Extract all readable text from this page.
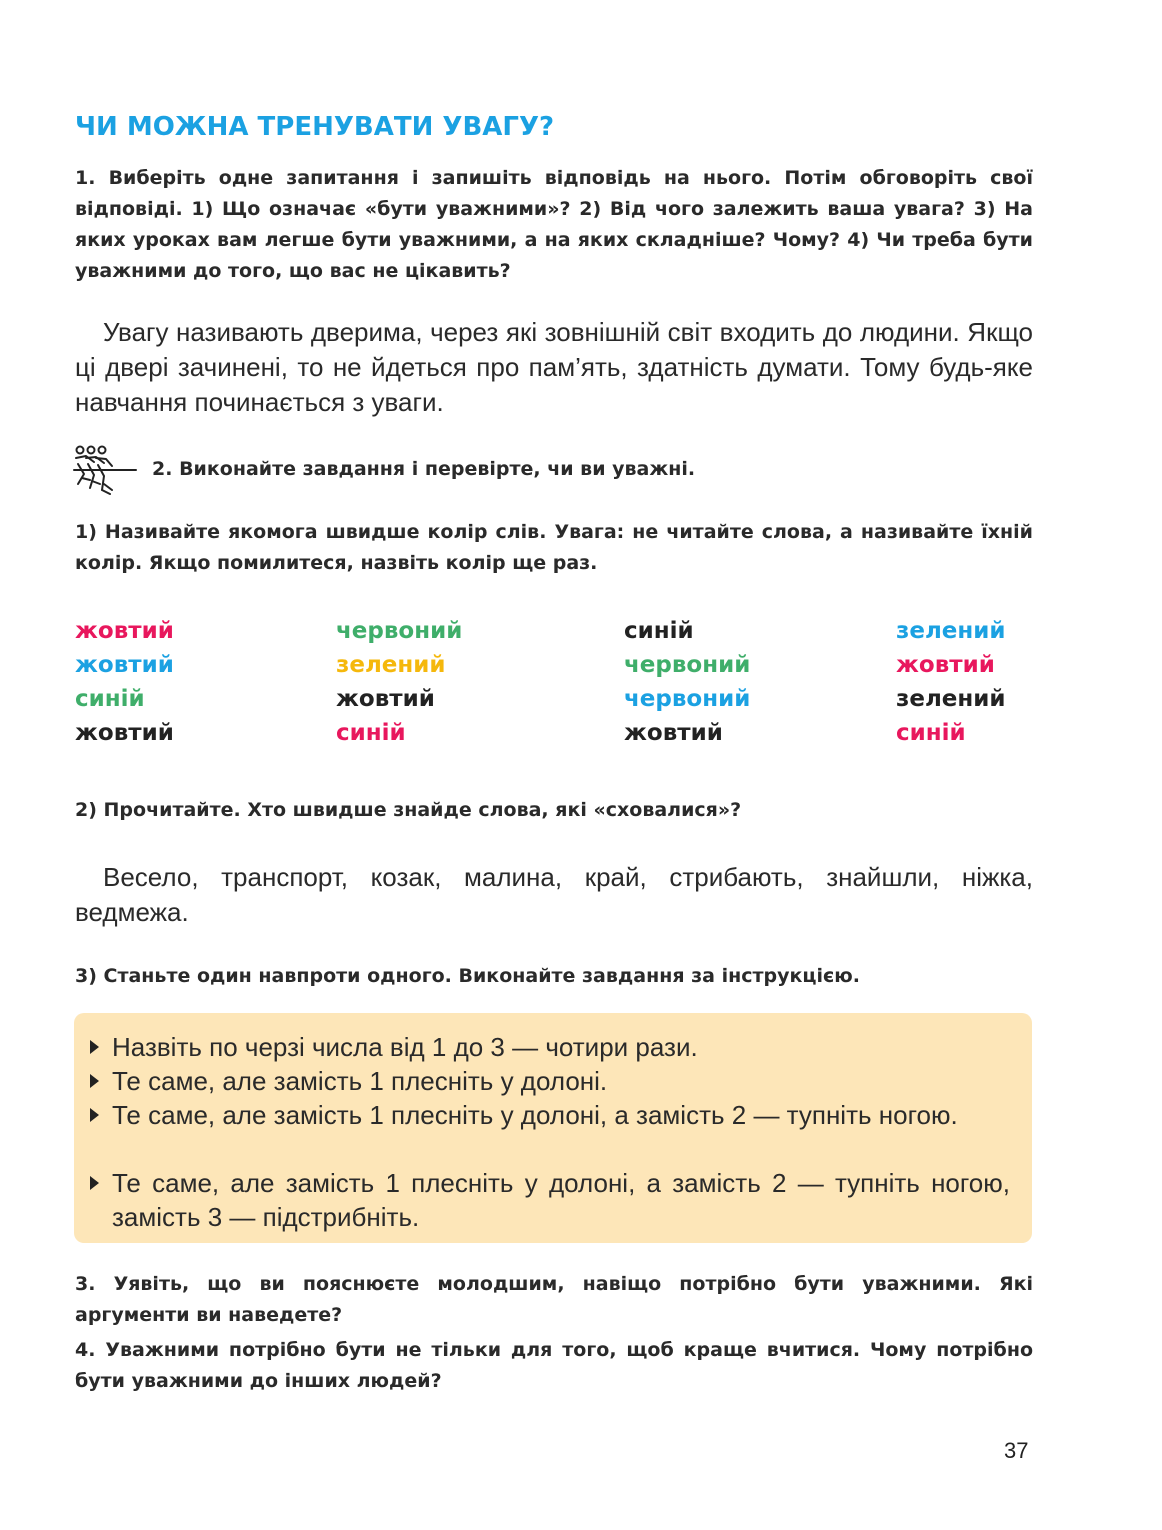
ЧИ МОЖНА ТРЕНУВАТИ УВАГУ?
1. Виберіть одне запитання і запишіть відповідь на нього. Потім обговоріть свої відповіді. 1) Що означає «бути уважними»? 2) Від чого залежить ваша увага? 3) На яких уроках вам легше бути уважними, а на яких складніше? Чому? 4) Чи треба бути уважними до того, що вас не цікавить?
Увагу називають дверима, через які зовнішній світ входить до людини. Якщо ці двері зачинені, то не йдеться про пам’ять, здатність думати. Тому будь-яке навчання починається з уваги.
2. Виконайте завдання і перевірте, чи ви уважні.
1) Називайте якомога швидше колір слів. Увага: не читайте слова, а називайте їхній колір. Якщо помилитеся, назвіть колір ще раз.
жовтий	червоний	синій	зелений
жовтий	зелений	червоний	жовтий
синій	жовтий	червоний	зелений
жовтий	синій	жовтий	синій
2) Прочитайте. Хто швидше знайде слова, які «сховалися»?
Весело, транспорт, козак, малина, край, стрибають, знайшли, ніжка, ведмежа.
3) Станьте один навпроти одного. Виконайте завдання за інструкцією.
Назвіть по черзі числа від 1 до 3 — чотири рази.
Те саме, але замість 1 плесніть у долоні.
Те саме, але замість 1 плесніть у долоні, а замість 2 — тупніть ногою.
Те саме, але замість 1 плесніть у долоні, а замість 2 — тупніть ногою, замість 3 — підстрибніть.
3. Уявіть, що ви пояснюєте молодшим, навіщо потрібно бути уважними. Які аргументи ви наведете?
4. Уважними потрібно бути не тільки для того, щоб краще вчитися. Чому потрібно бути уважними до інших людей?
37
